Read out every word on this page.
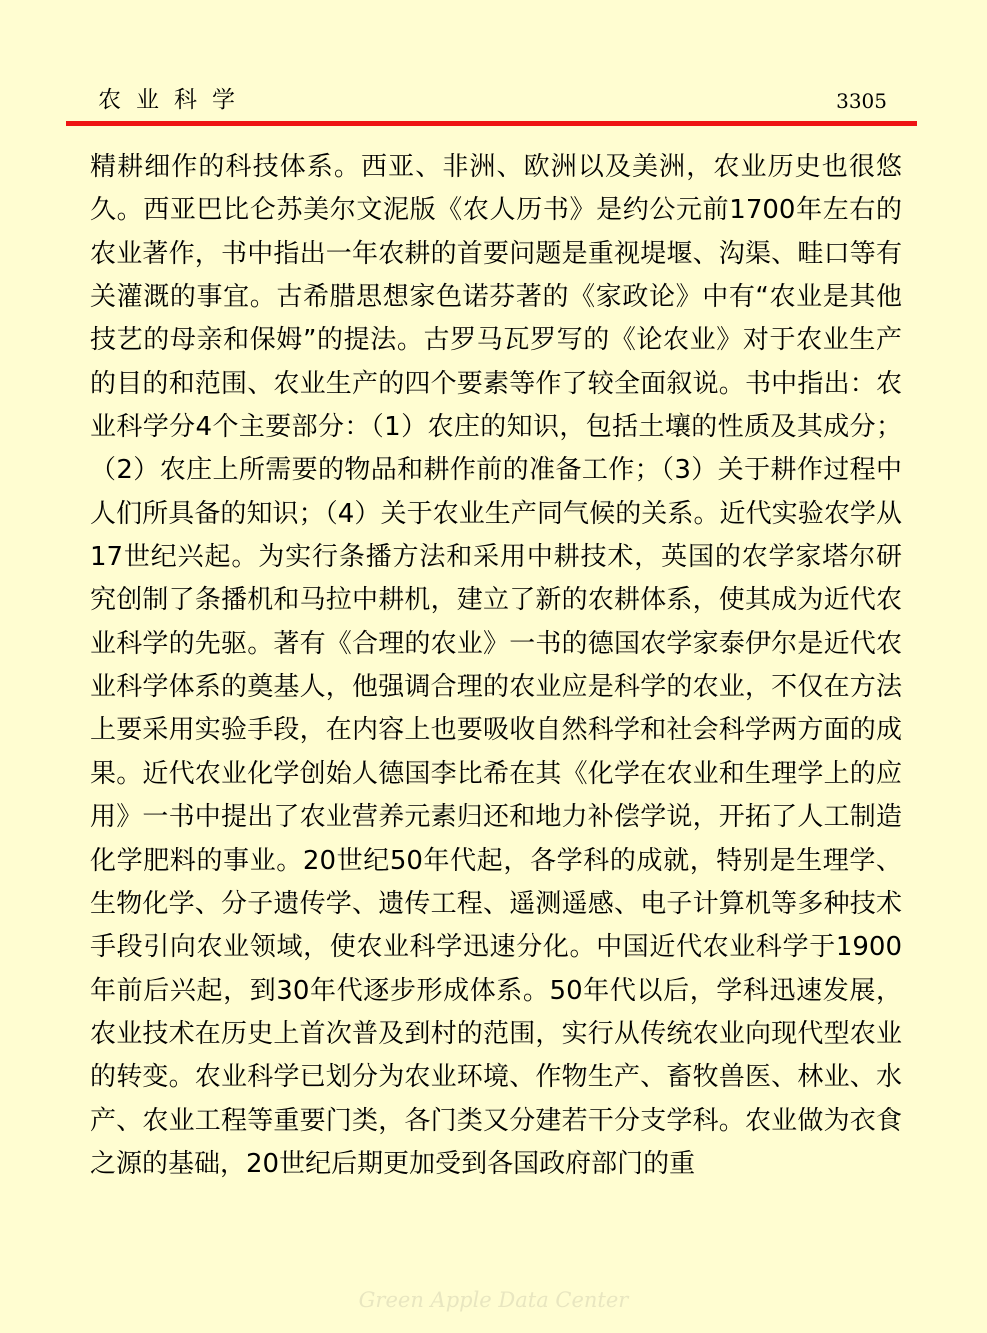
农业科学	3305

精耕细作的科技体系。西亚、非洲、欧洲以及美洲，农业历史也很悠久。西亚巴比仑苏美尔文泥版《农人历书》是约公元前1700年左右的农业著作，书中指出一年农耕的首要问题是重视堤堰、沟渠、畦口等有关灌溉的事宜。古希腊思想家色诺芬著的《家政论》中有“农业是其他技艺的母亲和保姆”的提法。古罗马瓦罗写的《论农业》对于农业生产的目的和范围、农业生产的四个要素等作了较全面叙说。书中指出：农业科学分4个主要部分：（1）农庄的知识，包括土壤的性质及其成分；（2）农庄上所需要的物品和耕作前的准备工作；（3）关于耕作过程中人们所具备的知识；（4）关于农业生产同气候的关系。近代实验农学从17世纪兴起。为实行条播方法和采用中耕技术，英国的农学家塔尔研究创制了条播机和马拉中耕机，建立了新的农耕体系，使其成为近代农业科学的先驱。著有《合理的农业》一书的德国农学家泰伊尔是近代农业科学体系的奠基人，他强调合理的农业应是科学的农业，不仅在方法上要采用实验手段，在内容上也要吸收自然科学和社会科学两方面的成果。近代农业化学创始人德国李比希在其《化学在农业和生理学上的应用》一书中提出了农业营养元素归还和地力补偿学说，开拓了人工制造化学肥料的事业。20世纪50年代起，各学科的成就，特别是生理学、生物化学、分子遗传学、遗传工程、遥测遥感、电子计算机等多种技术手段引向农业领域，使农业科学迅速分化。中国近代农业科学于1900年前后兴起，到30年代逐步形成体系。50年代以后，学科迅速发展，农业技术在历史上首次普及到村的范围，实行从传统农业向现代型农业的转变。农业科学已划分为农业环境、作物生产、畜牧兽医、林业、水产、农业工程等重要门类，各门类又分建若干分支学科。农业做为衣食之源的基础，20世纪后期更加受到各国政府部门的重

Green Apple Data Center
